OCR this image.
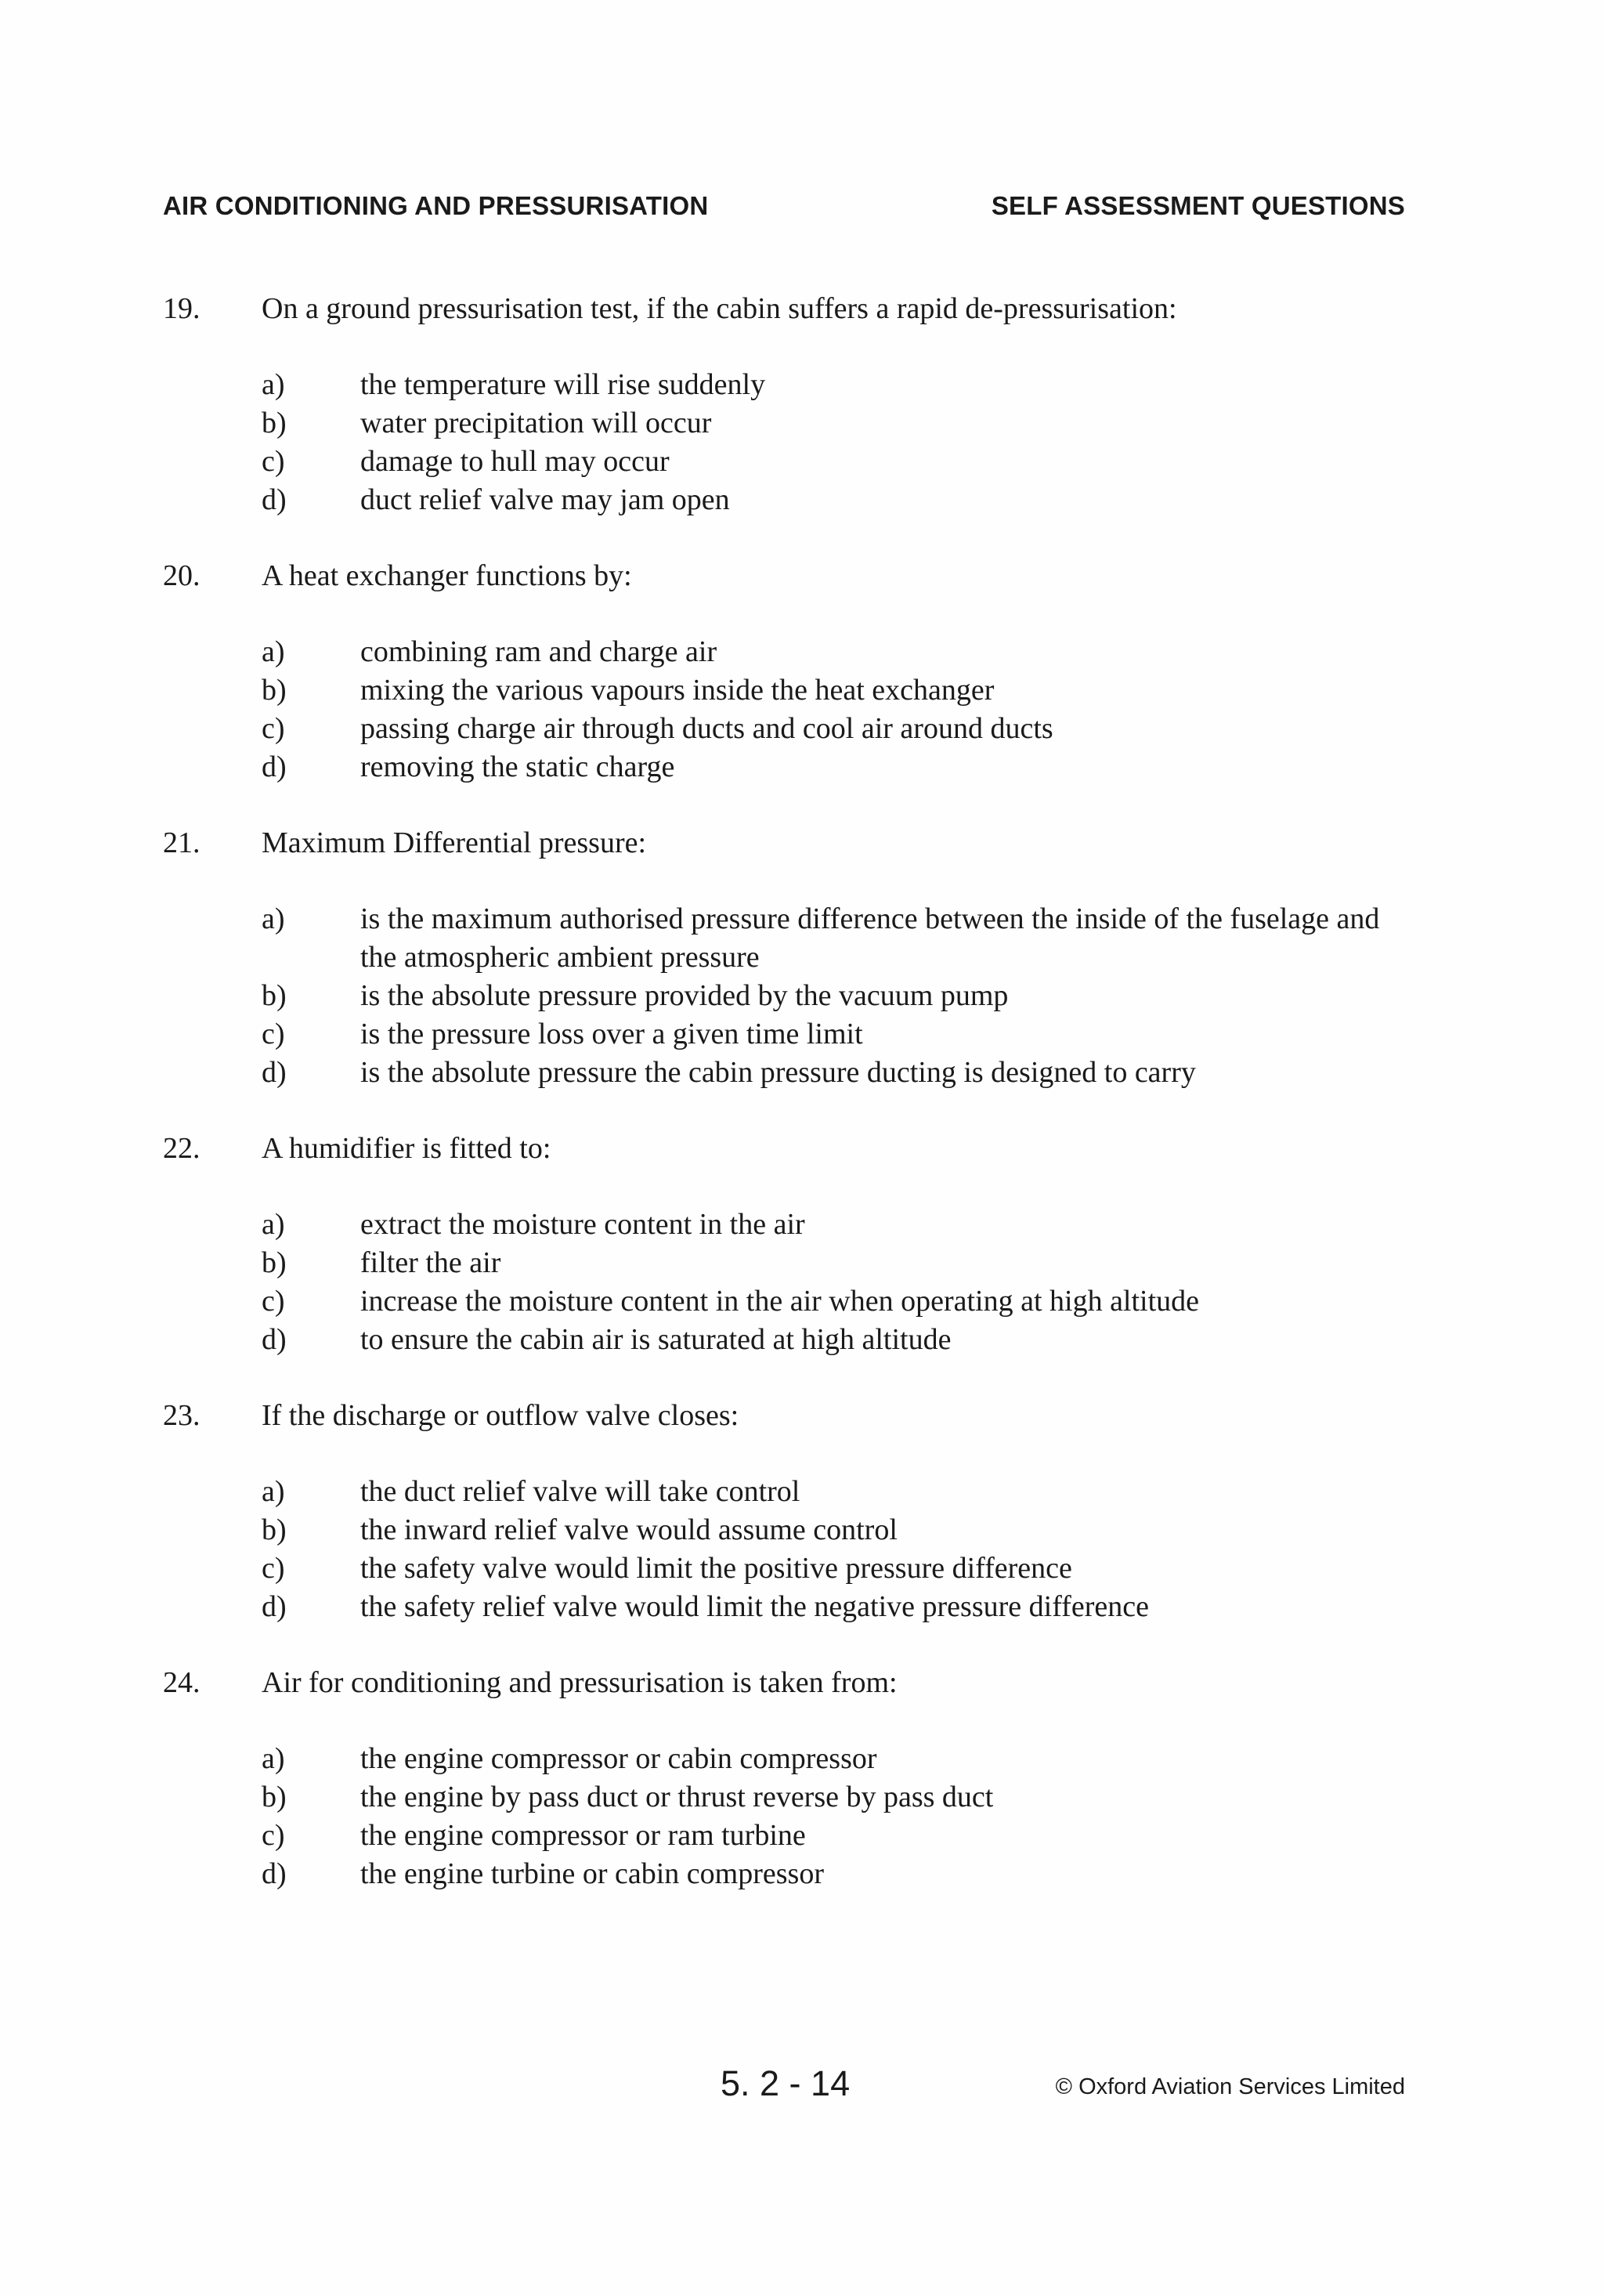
AIR CONDITIONING AND PRESSURISATION	SELF ASSESSMENT QUESTIONS
19. On a ground pressurisation test, if the cabin suffers a rapid de-pressurisation:
a)	the temperature will rise suddenly
b) water precipitation will occur
c)	damage to hull may occur
d) duct relief valve may jam open
20. A heat exchanger functions by:
a)	combining ram and charge air
b) mixing the various vapours inside the heat exchanger
c)	passing charge air through ducts and cool air around ducts
d) removing the static charge
21. Maximum Differential pressure:
a)	is the maximum authorised pressure difference between the inside of the fuselage and the atmospheric ambient pressure
b) is the absolute pressure provided by the vacuum pump
c)	is the pressure loss over a given time limit
d) is the absolute pressure the cabin pressure ducting is designed to carry
22. A humidifier is fitted to:
a)	extract the moisture content in the air
b) filter the air
c)	increase the moisture content in the air when operating at high altitude
d) to ensure the cabin air is saturated at high altitude
23. If the discharge or outflow valve closes:
a)	the duct relief valve will take control
b) the inward relief valve would assume control
c)	the safety valve would limit the positive pressure difference
d) the safety relief valve would limit the negative pressure difference
24. Air for conditioning and pressurisation is taken from:
a)	the engine compressor or cabin compressor
b) the engine by pass duct or thrust reverse by pass duct
c)	the engine compressor or ram turbine
d) the engine turbine or cabin compressor
5. 2 - 14	© Oxford Aviation Services Limited
